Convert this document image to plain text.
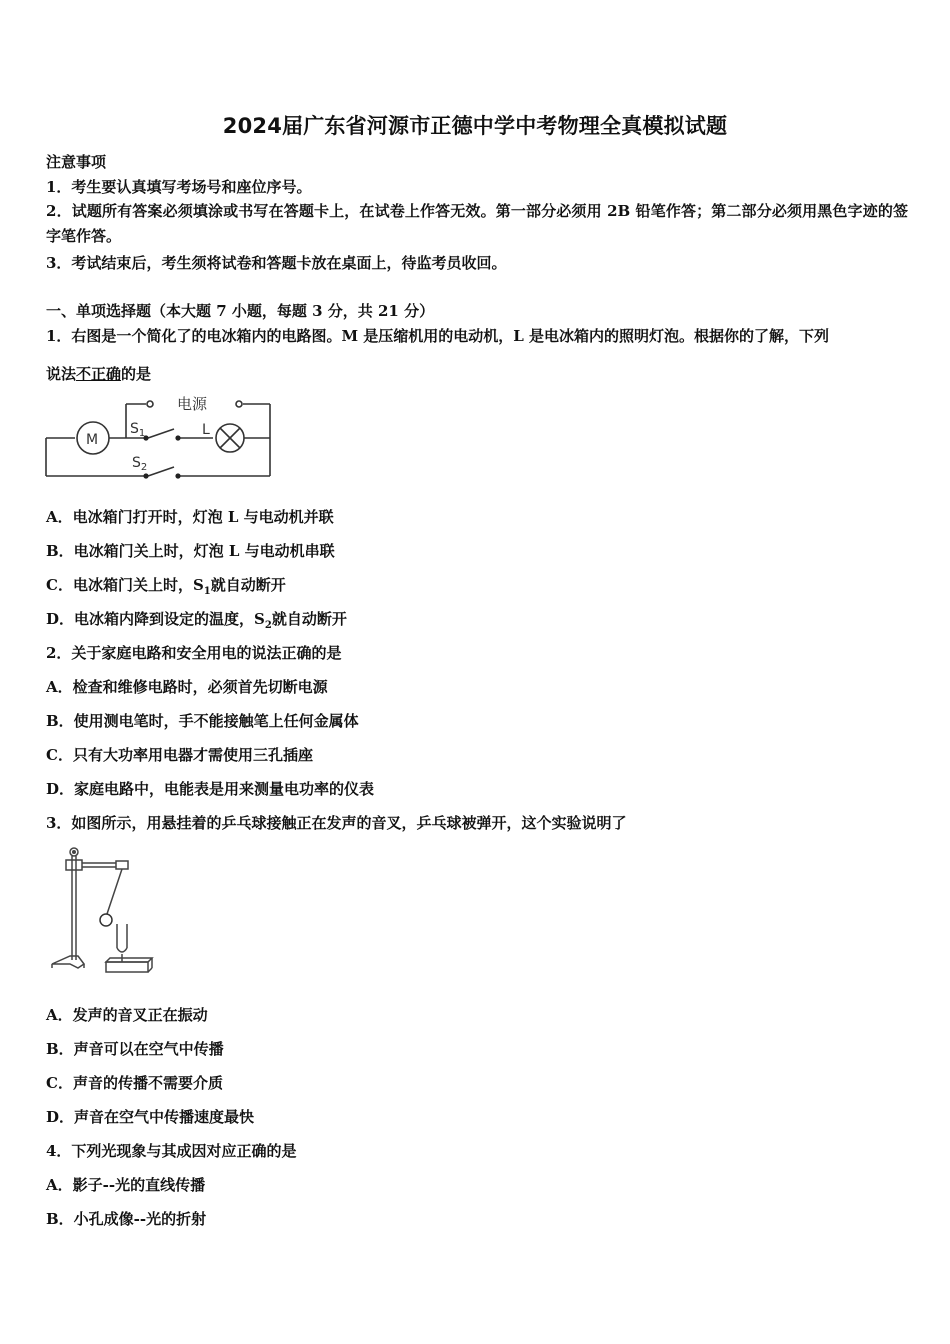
2024届广东省河源市正德中学中考物理全真模拟试题
注意事项
1．考生要认真填写考场号和座位序号。
2．试题所有答案必须填涂或书写在答题卡上，在试卷上作答无效。第一部分必须用 2B 铅笔作答；第二部分必须用黑色字迹的签字笔作答。
3．考试结束后，考生须将试卷和答题卡放在桌面上，待监考员收回。
一、单项选择题（本大题 7 小题，每题 3 分，共 21 分）
1．右图是一个简化了的电冰箱内的电路图。M 是压缩机用的电动机，L 是电冰箱内的照明灯泡。根据你的了解，下列
说法不正确的是
电源
M
$S_1$	L
$S_2$
A．电冰箱门打开时，灯泡 L 与电动机并联
B．电冰箱门关上时，灯泡 L 与电动机串联
C．电冰箱门关上时，$S_1$就自动断开
D．电冰箱内降到设定的温度，$S_2$就自动断开
2．关于家庭电路和安全用电的说法正确的是
A．检查和维修电路时，必须首先切断电源
B．使用测电笔时，手不能接触笔上任何金属体
C．只有大功率用电器才需使用三孔插座
D．家庭电路中，电能表是用来测量电功率的仪表
3．如图所示，用悬挂着的乒乓球接触正在发声的音叉，乒乓球被弹开，这个实验说明了
A．发声的音叉正在振动
B．声音可以在空气中传播
C．声音的传播不需要介质
D．声音在空气中传播速度最快
4．下列光现象与其成因对应正确的是
A．影子--光的直线传播
B．小孔成像--光的折射
